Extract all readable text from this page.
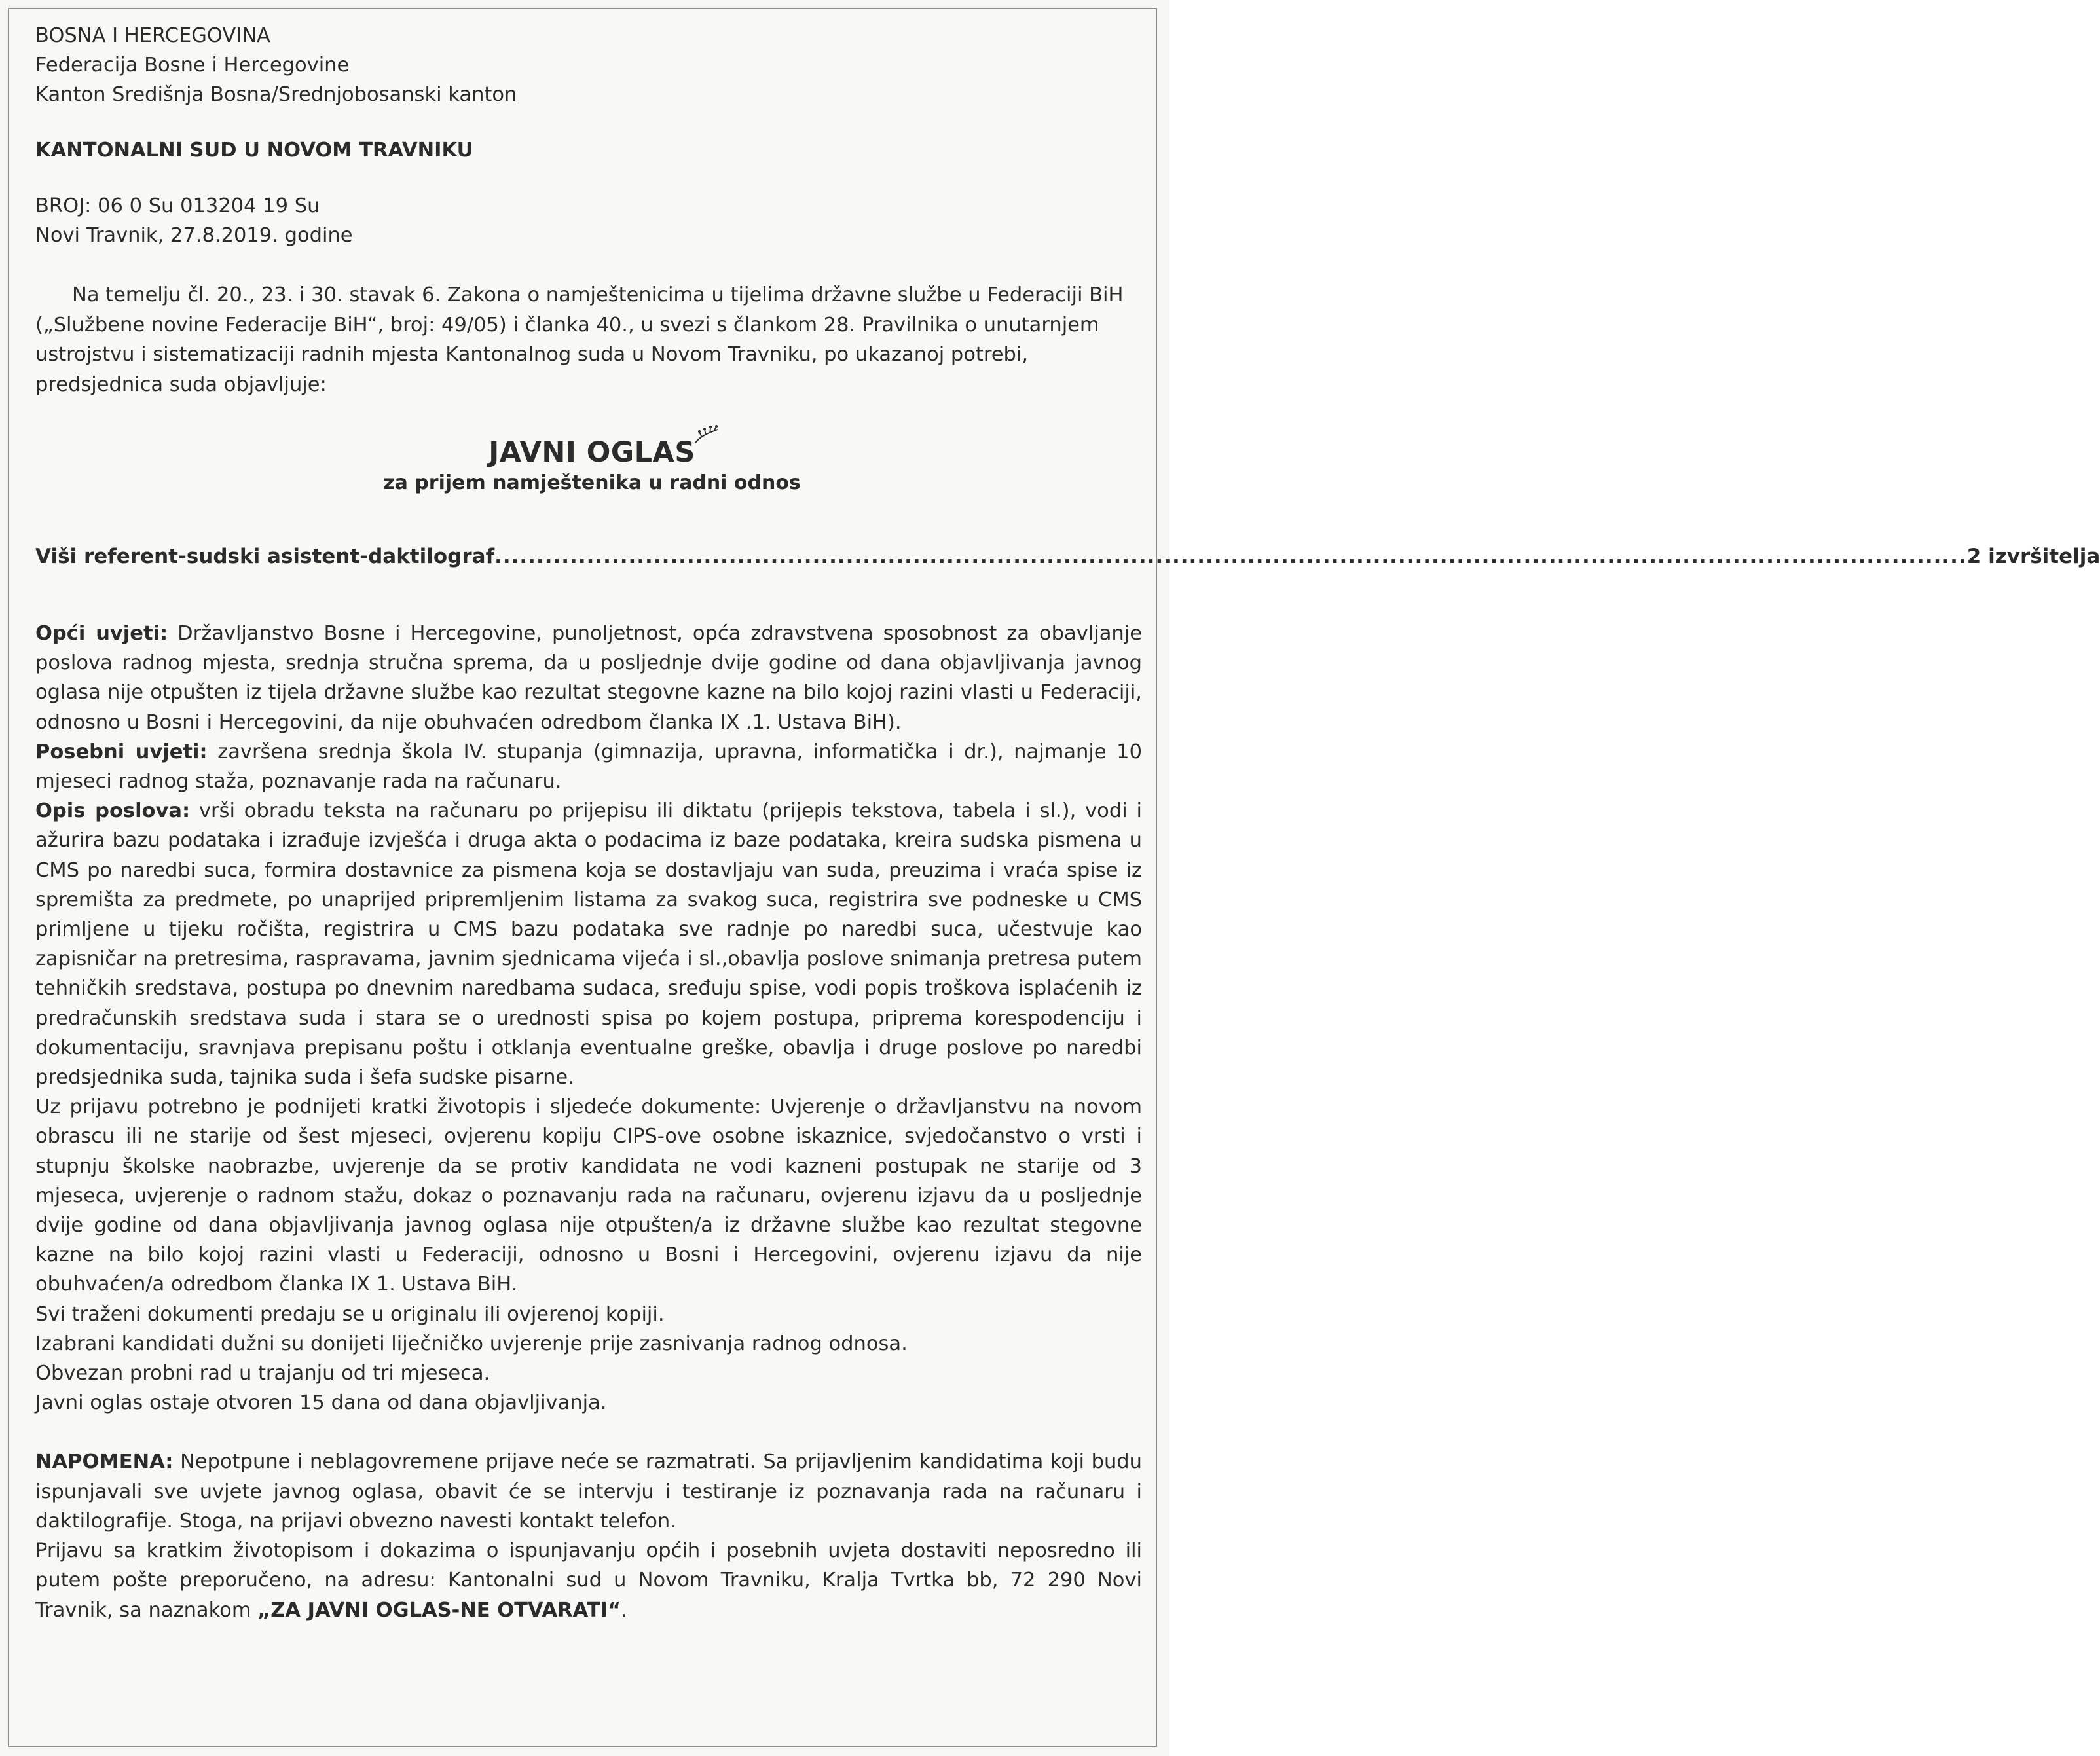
BOSNA I HERCEGOVINA

Federacija Bosne i Hercegovine

Kanton Središnja Bosna/Srednjobosanski kanton

KANTONALNI SUD U NOVOM TRAVNIKU

BROJ: 06 0 Su 013204 19 Su

Novi Travnik, 27.8.2019. godine

Na temelju čl. 20., 23. i 30. stavak 6. Zakona o namještenicima u tijelima državne službe u Federaciji BiH („Službene novine Federacije BiH“, broj: 49/05) i članka 40., u svezi s člankom 28. Pravilnika o unutarnjem ustrojstvu i sistematizaciji radnih mjesta Kantonalnog suda u Novom Travniku, po ukazanoj potrebi, predsjednica suda objavljuje:

JAVNI OGLAS
za prijem namještenika u radni odnos
Viši referent-sudski asistent-daktilograf ................................................................................................................................................................................ 2 izvršitelja

Opći uvjeti: Državljanstvo Bosne i Hercegovine, punoljetnost, opća zdravstvena sposobnost za obavljanje poslova radnog mjesta, srednja stručna sprema, da u posljednje dvije godine od dana objavljivanja javnog oglasa nije otpušten iz tijela državne službe kao rezultat stegovne kazne na bilo kojoj razini vlasti u Federaciji, odnosno u Bosni i Hercegovini, da nije obuhvaćen odredbom članka IX .1. Ustava BiH).

Posebni uvjeti: završena srednja škola IV. stupanja (gimnazija, upravna, informatička i dr.), najmanje 10 mjeseci radnog staža, poznavanje rada na računaru.

Opis poslova: vrši obradu teksta na računaru po prijepisu ili diktatu (prijepis tekstova, tabela i sl.), vodi i ažurira bazu podataka i izrađuje izvješća i druga akta o podacima iz baze podataka, kreira sudska pismena u CMS po naredbi suca, formira dostavnice za pismena koja se dostavljaju van suda, preuzima i vraća spise iz spremišta za predmete, po unaprijed pripremljenim listama za svakog suca, registrira sve podneske u CMS primljene u tijeku ročišta, registrira u CMS bazu podataka sve radnje po naredbi suca, učestvuje kao zapisničar na pretresima, raspravama, javnim sjednicama vijeća i sl.,obavlja poslove snimanja pretresa putem tehničkih sredstava, postupa po dnevnim naredbama sudaca, sređuju spise, vodi popis troškova isplaćenih iz predračunskih sredstava suda i stara se o urednosti spisa po kojem postupa, priprema korespodenciju i dokumentaciju, sravnjava prepisanu poštu i otklanja eventualne greške, obavlja i druge poslove po naredbi predsjednika suda, tajnika suda i šefa sudske pisarne.

Uz prijavu potrebno je podnijeti kratki životopis i sljedeće dokumente: Uvjerenje o državljanstvu na novom obrascu ili ne starije od šest mjeseci, ovjerenu kopiju CIPS-ove osobne iskaznice, svjedočanstvo o vrsti i stupnju školske naobrazbe, uvjerenje da se protiv kandidata ne vodi kazneni postupak ne starije od 3 mjeseca, uvjerenje o radnom stažu, dokaz o poznavanju rada na računaru, ovjerenu izjavu da u posljednje dvije godine od dana objavljivanja javnog oglasa nije otpušten/a iz državne službe kao rezultat stegovne kazne na bilo kojoj razini vlasti u Federaciji, odnosno u Bosni i Hercegovini, ovjerenu izjavu da nije obuhvaćen/a odredbom članka IX 1. Ustava BiH.

Svi traženi dokumenti predaju se u originalu ili ovjerenoj kopiji.

Izabrani kandidati dužni su donijeti liječničko uvjerenje prije zasnivanja radnog odnosa.

Obvezan probni rad u trajanju od tri mjeseca.

Javni oglas ostaje otvoren 15 dana od dana objavljivanja.

NAPOMENA: Nepotpune i neblagovremene prijave neće se razmatrati. Sa prijavljenim kandidatima koji budu ispunjavali sve uvjete javnog oglasa, obavit će se intervju i testiranje iz poznavanja rada na računaru i daktilografije. Stoga, na prijavi obvezno navesti kontakt telefon.

Prijavu sa kratkim životopisom i dokazima o ispunjavanju općih i posebnih uvjeta dostaviti neposredno ili putem pošte preporučeno, na adresu: Kantonalni sud u Novom Travniku, Kralja Tvrtka bb, 72 290 Novi Travnik, sa naznakom „ZA JAVNI OGLAS-NE OTVARATI“.
